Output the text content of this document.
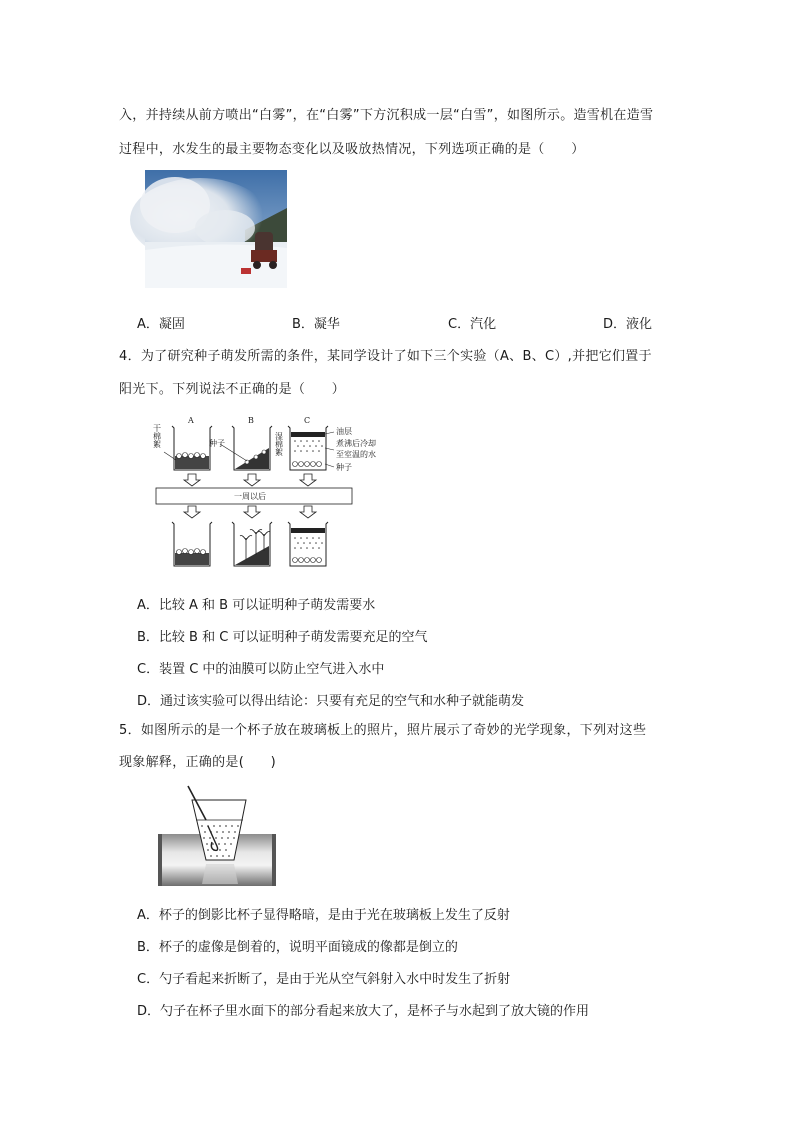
入，并持续从前方喷出“白雾”，在“白雾”下方沉积成一层“白雪”，如图所示。造雪机在造雪
过程中，水发生的最主要物态变化以及吸放热情况，下列选项正确的是（　　）
A．凝固	B．凝华	C．汽化	D．液化
4．为了研究种子萌发所需的条件，某同学设计了如下三个实验（A、B、C）,并把它们置于
阳光下。下列说法不正确的是（　　）
A	B	C
干棉絮	湿棉絮
种子
油层
煮沸后冷却
至室温的水
种子
一周以后
A．比较 A 和 B 可以证明种子萌发需要水
B．比较 B 和 C 可以证明种子萌发需要充足的空气
C．装置 C 中的油膜可以防止空气进入水中
D．通过该实验可以得出结论：只要有充足的空气和水种子就能萌发
5．如图所示的是一个杯子放在玻璃板上的照片，照片展示了奇妙的光学现象，下列对这些
现象解释，正确的是(　　)
A．杯子的倒影比杯子显得略暗，是由于光在玻璃板上发生了反射
B．杯子的虚像是倒着的，说明平面镜成的像都是倒立的
C．勺子看起来折断了，是由于光从空气斜射入水中时发生了折射
D．勺子在杯子里水面下的部分看起来放大了，是杯子与水起到了放大镜的作用
